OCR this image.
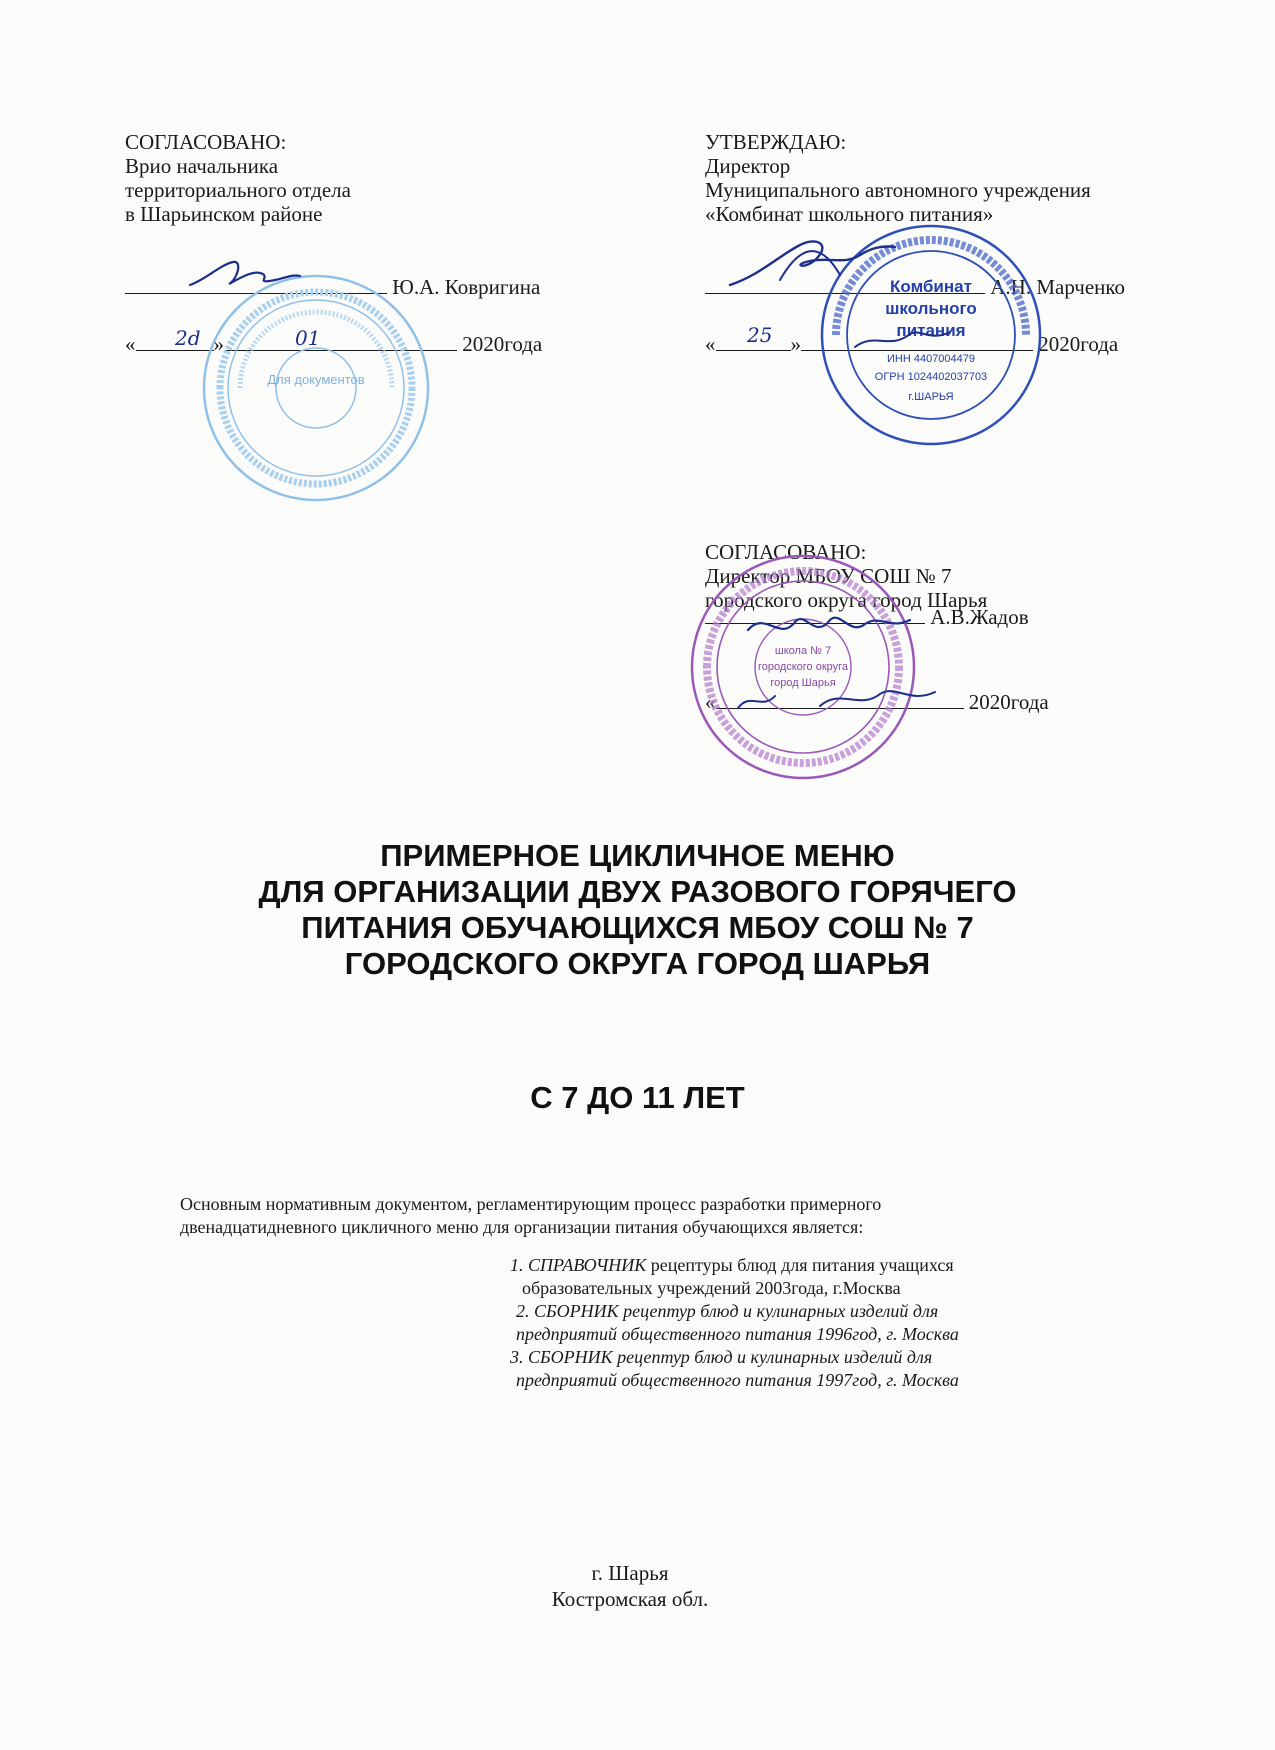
СОГЛАСОВАНО:
Врио начальника
территориального отдела
в Шарьинском районе
Ю.А. Ковригина
«	»	2020года
УТВЕРЖДАЮ:
Директор
Муниципального автономного учреждения
«Комбинат школьного питания»
А.Н. Марченко
«	»	2020года
СОГЛАСОВАНО:
Директор МБОУ СОШ № 7
городского округа город Шарья
А.В.Жадов
«	2020года
Для документов
Комбинат
школьного
питания
ИНН 4407004479
ОГРН 1024402037703
г.ШАРЬЯ
школа № 7
городского округа
город Шарья
2d	01	25
ПРИМЕРНОЕ ЦИКЛИЧНОЕ МЕНЮ
ДЛЯ ОРГАНИЗАЦИИ ДВУХ РАЗОВОГО ГОРЯЧЕГО
ПИТАНИЯ ОБУЧАЮЩИХСЯ МБОУ СОШ № 7
ГОРОДСКОГО ОКРУГА ГОРОД ШАРЬЯ
С 7 ДО 11 ЛЕТ
Основным нормативным документом, регламентирующим процесс разработки примерного
двенадцатидневного цикличного меню для организации питания обучающихся является:
1. СПРАВОЧНИК рецептуры блюд для питания учащихся
образовательных учреждений 2003года, г.Москва
2. СБОРНИК рецептур блюд и кулинарных изделий для
предприятий общественного питания 1996год, г. Москва
3. СБОРНИК рецептур блюд и кулинарных изделий для
предприятий общественного питания 1997год, г. Москва
г. Шарья
Костромская обл.
